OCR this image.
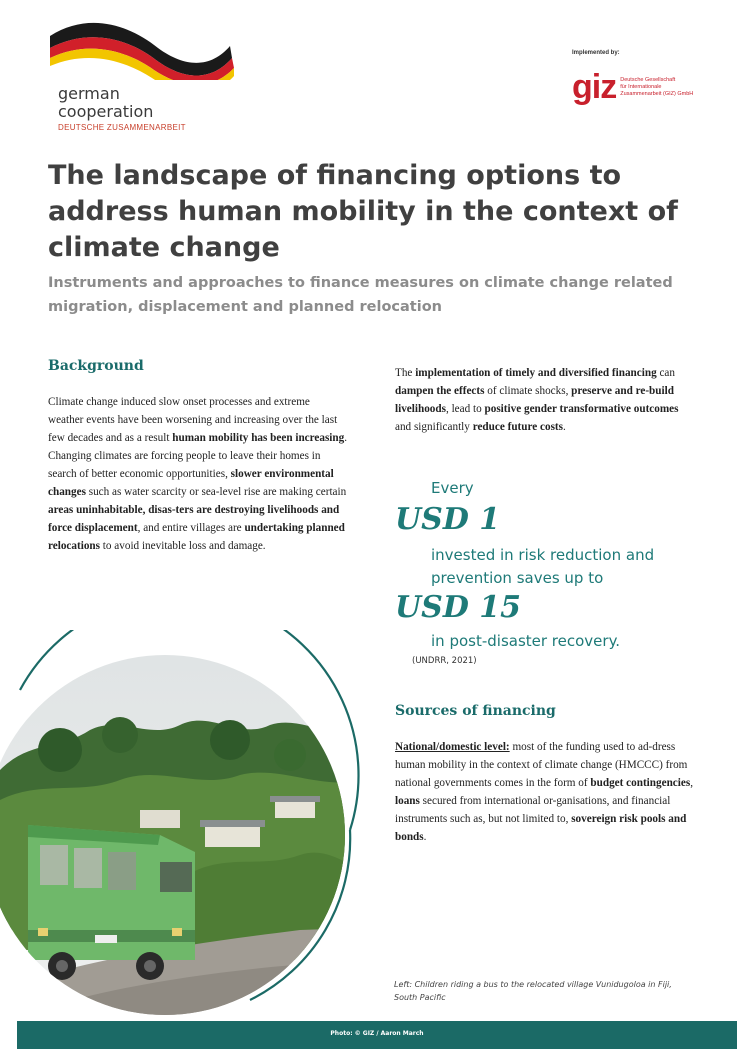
german
cooperation
DEUTSCHE ZUSAMMENARBEIT
Implemented by:
giz Deutsche Gesellschaft
für Internationale
Zusammenarbeit (GIZ) GmbH
The landscape of financing options to address human mobility in the context of climate change

Instruments and approaches to finance measures on climate change related migration, displacement and planned relocation

Background

Climate change induced slow onset processes and extreme weather events have been worsening and increasing over the last few decades and as a result human mobility has been increasing. Changing climates are forcing people to leave their homes in search of better economic opportunities, slower environmental changes such as water scarcity or sea-level rise are making certain areas uninhabitable, disas-ters are destroying livelihoods and force displacement, and entire villages are undertaking planned relocations to avoid inevitable loss and damage.

The implementation of timely and diversified financing can dampen the effects of climate shocks, preserve and re-build livelihoods, lead to positive gender transformative outcomes and significantly reduce future costs.

Every
USD 1
invested in risk reduction and prevention saves up to
USD 15
in post-disaster recovery.
(UNDRR, 2021)
Sources of financing

National/domestic level: most of the funding used to ad-dress human mobility in the context of climate change (HMCCC) from national governments comes in the form of budget contingencies, loans secured from international or-ganisations, and financial instruments such as, but not limited to, sovereign risk pools and bonds.

Left: Children riding a bus to the relocated village Vunidugoloa in Fiji, South Pacific
Photo: © GIZ / Aaron March
